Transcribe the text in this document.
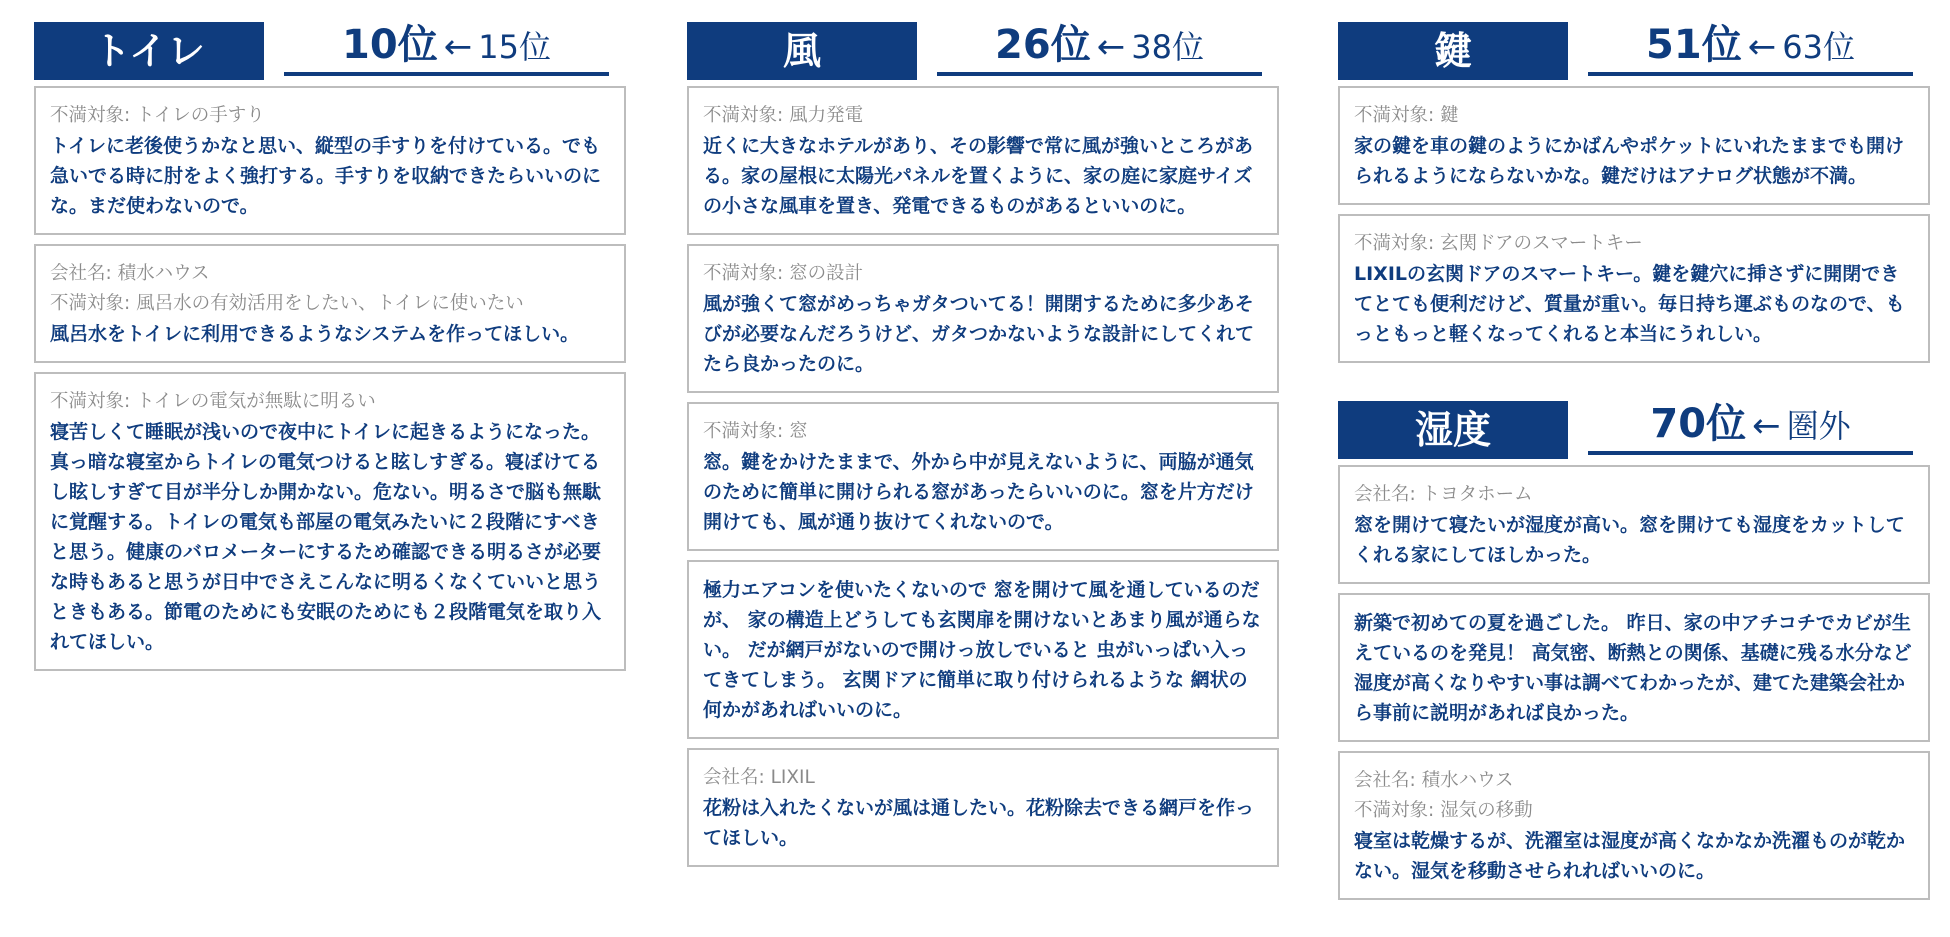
トイレ	10位 ← 15位

不満対象: トイレの手すり

トイレに老後使うかなと思い、縦型の手すりを付けている。でも急いでる時に肘をよく強打する。手すりを収納できたらいいのにな。まだ使わないので。

会社名: 積水ハウス

不満対象: 風呂水の有効活用をしたい、トイレに使いたい

風呂水をトイレに利用できるようなシステムを作ってほしい。

不満対象: トイレの電気が無駄に明るい

寝苦しくて睡眠が浅いので夜中にトイレに起きるようになった。真っ暗な寝室からトイレの電気つけると眩しすぎる。寝ぼけてるし眩しすぎて目が半分しか開かない。危ない。明るさで脳も無駄に覚醒する。トイレの電気も部屋の電気みたいに２段階にすべきと思う。健康のバロメーターにするため確認できる明るさが必要な時もあると思うが日中でさえこんなに明るくなくていいと思うときもある。節電のためにも安眠のためにも２段階電気を取り入れてほしい。

風	26位 ← 38位

不満対象: 風力発電

近くに大きなホテルがあり、その影響で常に風が強いところがある。家の屋根に太陽光パネルを置くように、家の庭に家庭サイズの小さな風車を置き、発電できるものがあるといいのに。

不満対象: 窓の設計

風が強くて窓がめっちゃガタついてる！開閉するために多少あそびが必要なんだろうけど、ガタつかないような設計にしてくれてたら良かったのに。

不満対象: 窓

窓。鍵をかけたままで、外から中が見えないように、両脇が通気のために簡単に開けられる窓があったらいいのに。窓を片方だけ開けても、風が通り抜けてくれないので。

極力エアコンを使いたくないので 窓を開けて風を通しているのだが、 家の構造上どうしても玄関扉を開けないとあまり風が通らない。 だが網戸がないので開けっ放しでいると 虫がいっぱい入ってきてしまう。 玄関ドアに簡単に取り付けられるような 網状の何かがあればいいのに。

会社名: LIXIL

花粉は入れたくないが風は通したい。花粉除去できる網戸を作ってほしい。

鍵	51位 ← 63位

不満対象: 鍵

家の鍵を車の鍵のようにかばんやポケットにいれたままでも開けられるようにならないかな。鍵だけはアナログ状態が不満。

不満対象: 玄関ドアのスマートキー

LIXILの玄関ドアのスマートキー。鍵を鍵穴に挿さずに開閉できてとても便利だけど、質量が重い。毎日持ち運ぶものなので、もっともっと軽くなってくれると本当にうれしい。

湿度	70位 ← 圏外

会社名: トヨタホーム

窓を開けて寝たいが湿度が高い。窓を開けても湿度をカットしてくれる家にしてほしかった。

新築で初めての夏を過ごした。 昨日、家の中アチコチでカビが生えているのを発見！ 高気密、断熱との関係、基礎に残る水分など湿度が高くなりやすい事は調べてわかったが、建てた建築会社から事前に説明があれば良かった。

会社名: 積水ハウス

不満対象: 湿気の移動

寝室は乾燥するが、洗濯室は湿度が高くなかなか洗濯ものが乾かない。湿気を移動させられればいいのに。
